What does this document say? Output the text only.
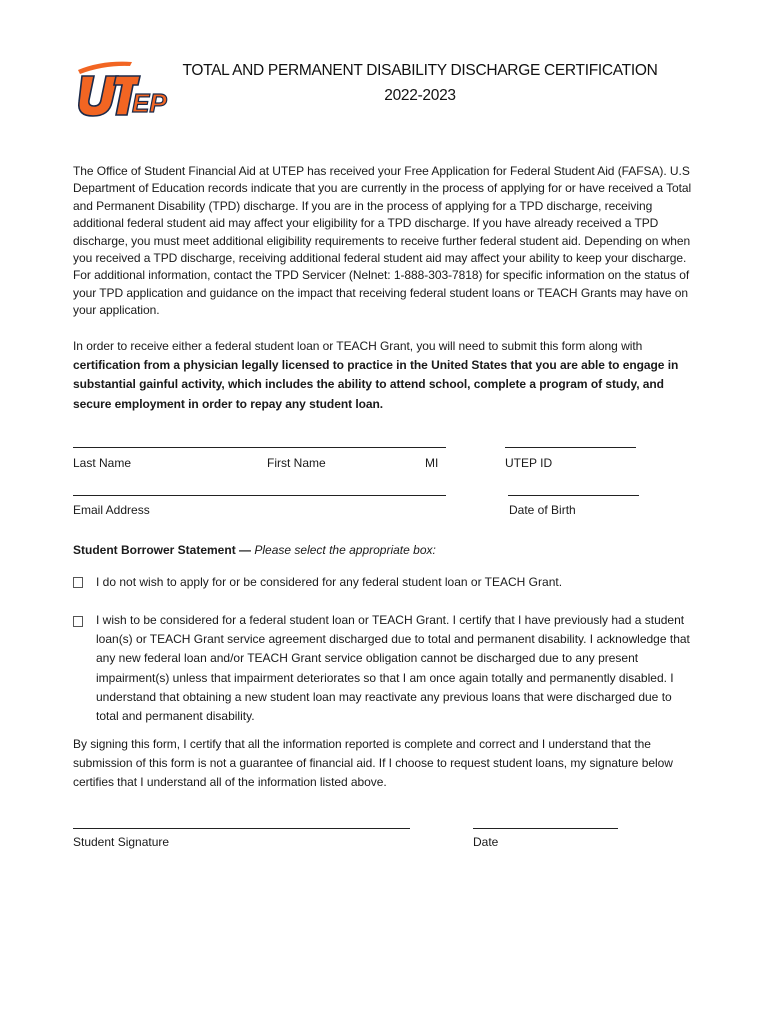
EP
TOTAL AND PERMANENT DISABILITY DISCHARGE CERTIFICATION
2022-2023

The Office of Student Financial Aid at UTEP has received your Free Application for Federal Student Aid (FAFSA). U.S Department of Education records indicate that you are currently in the process of applying for or have received a Total and Permanent Disability (TPD) discharge. If you are in the process of applying for a TPD discharge, receiving additional federal student aid may affect your eligibility for a TPD discharge. If you have already received a TPD discharge, you must meet additional eligibility requirements to receive further federal student aid. Depending on when you received a TPD discharge, receiving additional federal student aid may affect your ability to keep your discharge. For additional information, contact the TPD Servicer (Nelnet: 1-888-303-7818) for specific information on the status of your TPD application and guidance on the impact that receiving federal student loans or TEACH Grants may have on your application.

In order to receive either a federal student loan or TEACH Grant, you will need to submit this form along with certification from a physician legally licensed to practice in the United States that you are able to engage in substantial gainful activity, which includes the ability to attend school, complete a program of study, and secure employment in order to repay any student loan.

Last Name	First Name	MI	UTEP ID
Email Address	Date of Birth
Student Borrower Statement — Please select the appropriate box:

I do not wish to apply for or be considered for any federal student loan or TEACH Grant.

I wish to be considered for a federal student loan or TEACH Grant. I certify that I have previously had a student loan(s) or TEACH Grant service agreement discharged due to total and permanent disability. I acknowledge that any new federal loan and/or TEACH Grant service obligation cannot be discharged due to any present impairment(s) unless that impairment deteriorates so that I am once again totally and permanently disabled. I understand that obtaining a new student loan may reactivate any previous loans that were discharged due to total and permanent disability.

By signing this form, I certify that all the information reported is complete and correct and I understand that the submission of this form is not a guarantee of financial aid. If I choose to request student loans, my signature below certifies that I understand all of the information listed above.

Student Signature	Date
